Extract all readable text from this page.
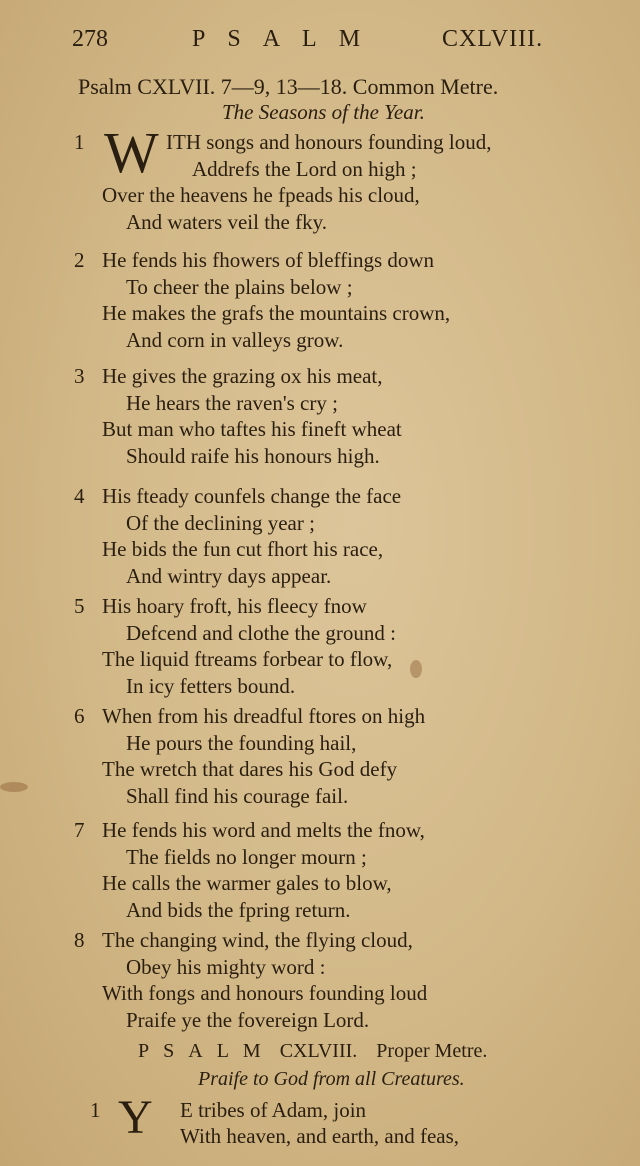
278	PSALM CXLVIII.
Psalm CXLVII. 7—9, 13—18. Common Metre.
The Seasons of the Year.
1 W ITH songs and honours founding loud,
Addrefs the Lord on high ;
Over the heavens he fpeads his cloud,
And waters veil the fky.
2 He fends his fhowers of bleffings down
To cheer the plains below ;
He makes the grafs the mountains crown,
And corn in valleys grow.
3 He gives the grazing ox his meat,
He hears the raven's cry ;
But man who taftes his fineft wheat
Should raife his honours high.
4 His fteady counfels change the face
Of the declining year ;
He bids the fun cut fhort his race,
And wintry days appear.
5 His hoary froft, his fleecy fnow
Defcend and clothe the ground :
The liquid ftreams forbear to flow,
In icy fetters bound.
6 When from his dreadful ftores on high
He pours the founding hail,
The wretch that dares his God defy
Shall find his courage fail.
7 He fends his word and melts the fnow,
The fields no longer mourn ;
He calls the warmer gales to blow,
And bids the fpring return.
8 The changing wind, the flying cloud,
Obey his mighty word :
With fongs and honours founding loud
Praife ye the fovereign Lord.
PSALM CXLVIII. Proper Metre.
Praife to God from all Creatures.
1 Y E tribes of Adam, join
With heaven, and earth, and feas,
